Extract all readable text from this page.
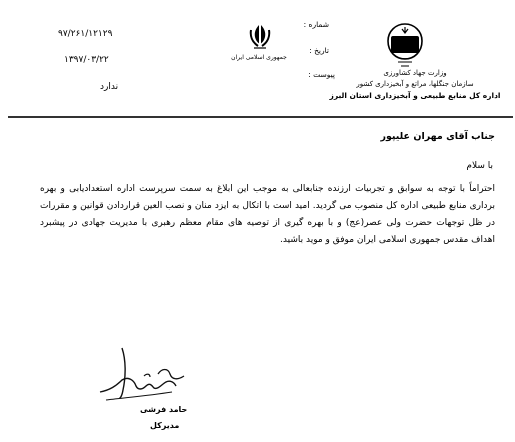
وزارت جهاد کشاورزی
سازمان جنگلها، مراتع و آبخیزداری کشور
اداره کل منابع طبیعی و آبخیزداری استان البرز
جمهوری اسلامی ایران
شماره :
۹۷/۲۶۱/۱۲۱۲۹
تاریخ :
۱۳۹۷/۰۳/۲۲
پیوست :
ندارد
جناب آقای مهران علیپور
با سلام
احتراماً با توجه به سوابق و تجربیات ارزنده جنابعالی به موجب این ابلاغ به سمت سرپرست اداره استعدادیابی و بهره برداری منابع طبیعی اداره کل منصوب می گردید. امید است با اتکال به ایزد منان و نصب العین قراردادن قوانین و مقررات در ظل توجهات حضرت ولی عصر(عج) و با بهره گیری از توصیه های مقام معظم رهبری با مدیریت جهادی در پیشبرد اهداف مقدس جمهوری اسلامی ایران موفق و موید باشید.
حامد فرشی
مدیرکل
